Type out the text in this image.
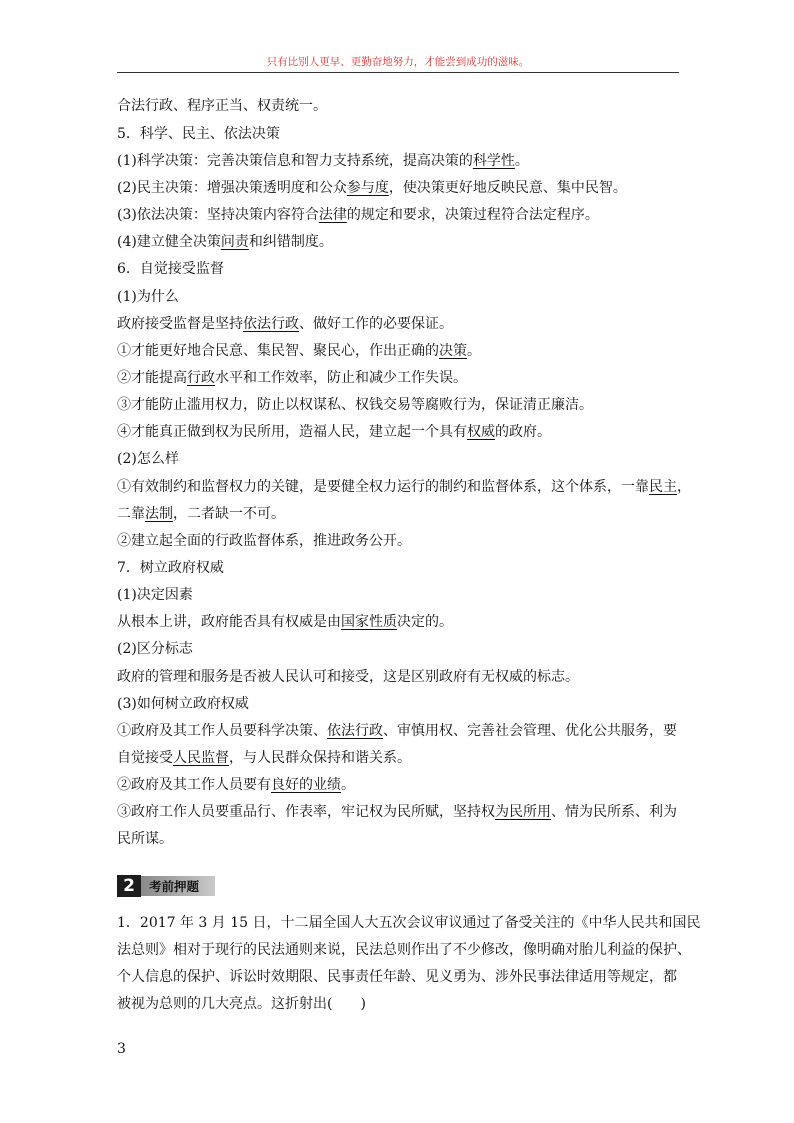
只有比别人更早、更勤奋地努力，才能尝到成功的滋味。
合法行政、程序正当、权责统一。
5．科学、民主、依法决策
(1)科学决策：完善决策信息和智力支持系统，提高决策的科学性。
(2)民主决策：增强决策透明度和公众参与度，使决策更好地反映民意、集中民智。
(3)依法决策：坚持决策内容符合法律的规定和要求，决策过程符合法定程序。
(4)建立健全决策问责和纠错制度。
6．自觉接受监督
(1)为什么
政府接受监督是坚持依法行政、做好工作的必要保证。
①才能更好地合民意、集民智、聚民心，作出正确的决策。
②才能提高行政水平和工作效率，防止和减少工作失误。
③才能防止滥用权力，防止以权谋私、权钱交易等腐败行为，保证清正廉洁。
④才能真正做到权为民所用，造福人民，建立起一个具有权威的政府。
(2)怎么样
①有效制约和监督权力的关键，是要健全权力运行的制约和监督体系，这个体系，一靠民主，
二靠法制，二者缺一不可。
②建立起全面的行政监督体系，推进政务公开。
7．树立政府权威
(1)决定因素
从根本上讲，政府能否具有权威是由国家性质决定的。
(2)区分标志
政府的管理和服务是否被人民认可和接受，这是区别政府有无权威的标志。
(3)如何树立政府权威
①政府及其工作人员要科学决策、依法行政、审慎用权、完善社会管理、优化公共服务，要
自觉接受人民监督，与人民群众保持和谐关系。
②政府及其工作人员要有良好的业绩。
③政府工作人员要重品行、作表率，牢记权为民所赋，坚持权为民所用、情为民所系、利为
民所谋。
2	考前押题
1．2017 年 3 月 15 日，十二届全国人大五次会议审议通过了备受关注的《中华人民共和国民
法总则》相对于现行的民法通则来说，民法总则作出了不少修改，像明确对胎儿利益的保护、
个人信息的保护、诉讼时效期限、民事责任年龄、见义勇为、涉外民事法律适用等规定，都
被视为总则的几大亮点。这折射出(　　)
3
